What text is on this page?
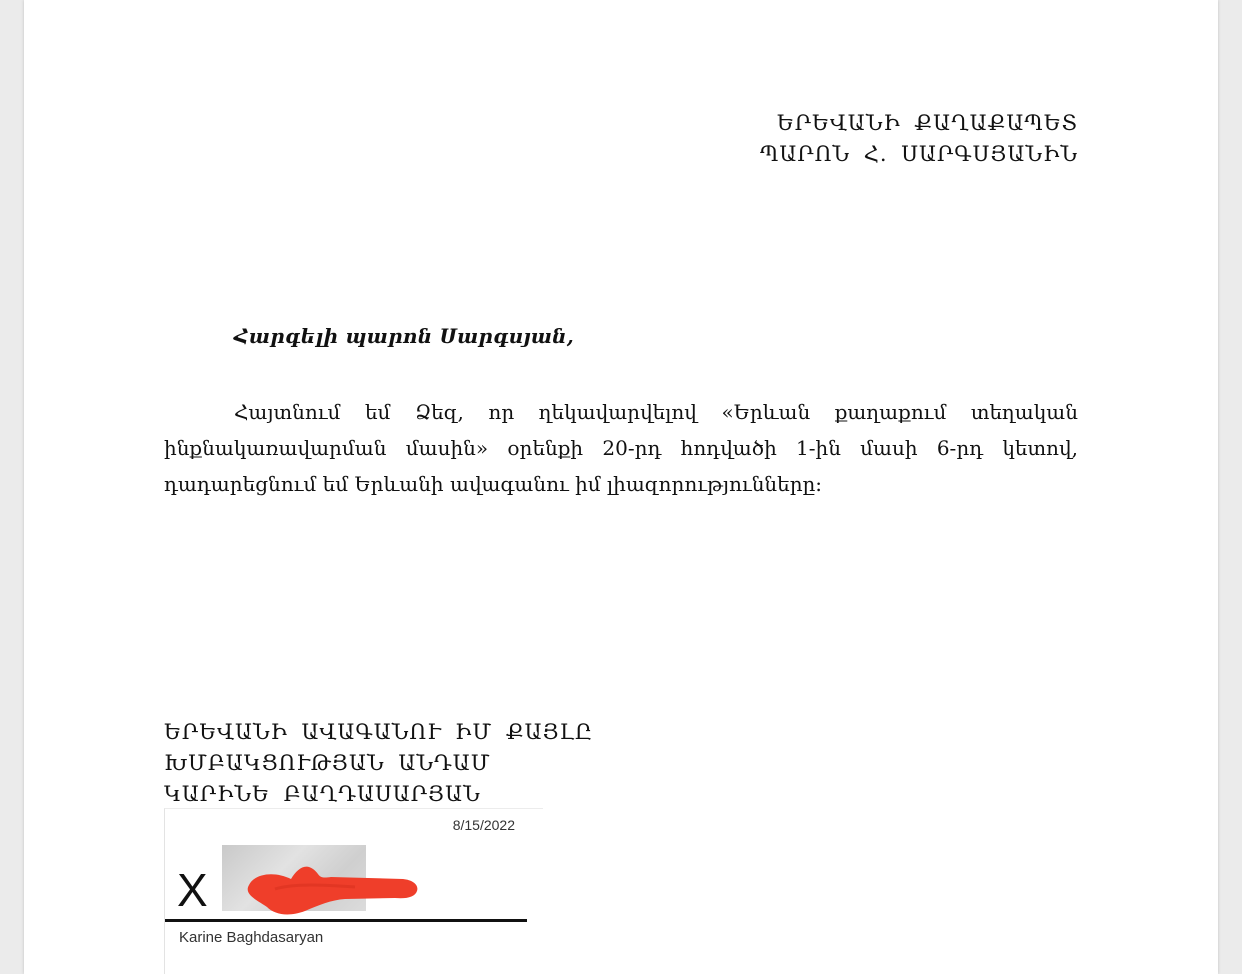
ԵՐԵՎԱՆԻ ՔԱՂԱՔԱՊԵՏ
ՊԱՐՈՆ Հ. ՍԱՐԳՍՅԱՆԻՆ
Հարգելի պարոն Սարգսյան,
Հայտնում եմ Ձեզ, որ ղեկավարվելով «Երևան քաղաքում տեղական ինքնակառավարման մասին» օրենքի 20-րդ հոդվածի 1-ին մասի 6-րդ կետով, դադարեցնում եմ Երևանի ավագանու իմ լիազորությունները:
ԵՐԵՎԱՆԻ ԱՎԱԳԱՆՈՒ ԻՄ ՔԱՅԼԸ
ԽՄԲԱԿՑՈՒԹՅԱՆ ԱՆԴԱՄ
ԿԱՐԻՆԵ ԲԱՂԴԱՍԱՐՅԱՆ
8/15/2022
X
Karine Baghdasaryan
